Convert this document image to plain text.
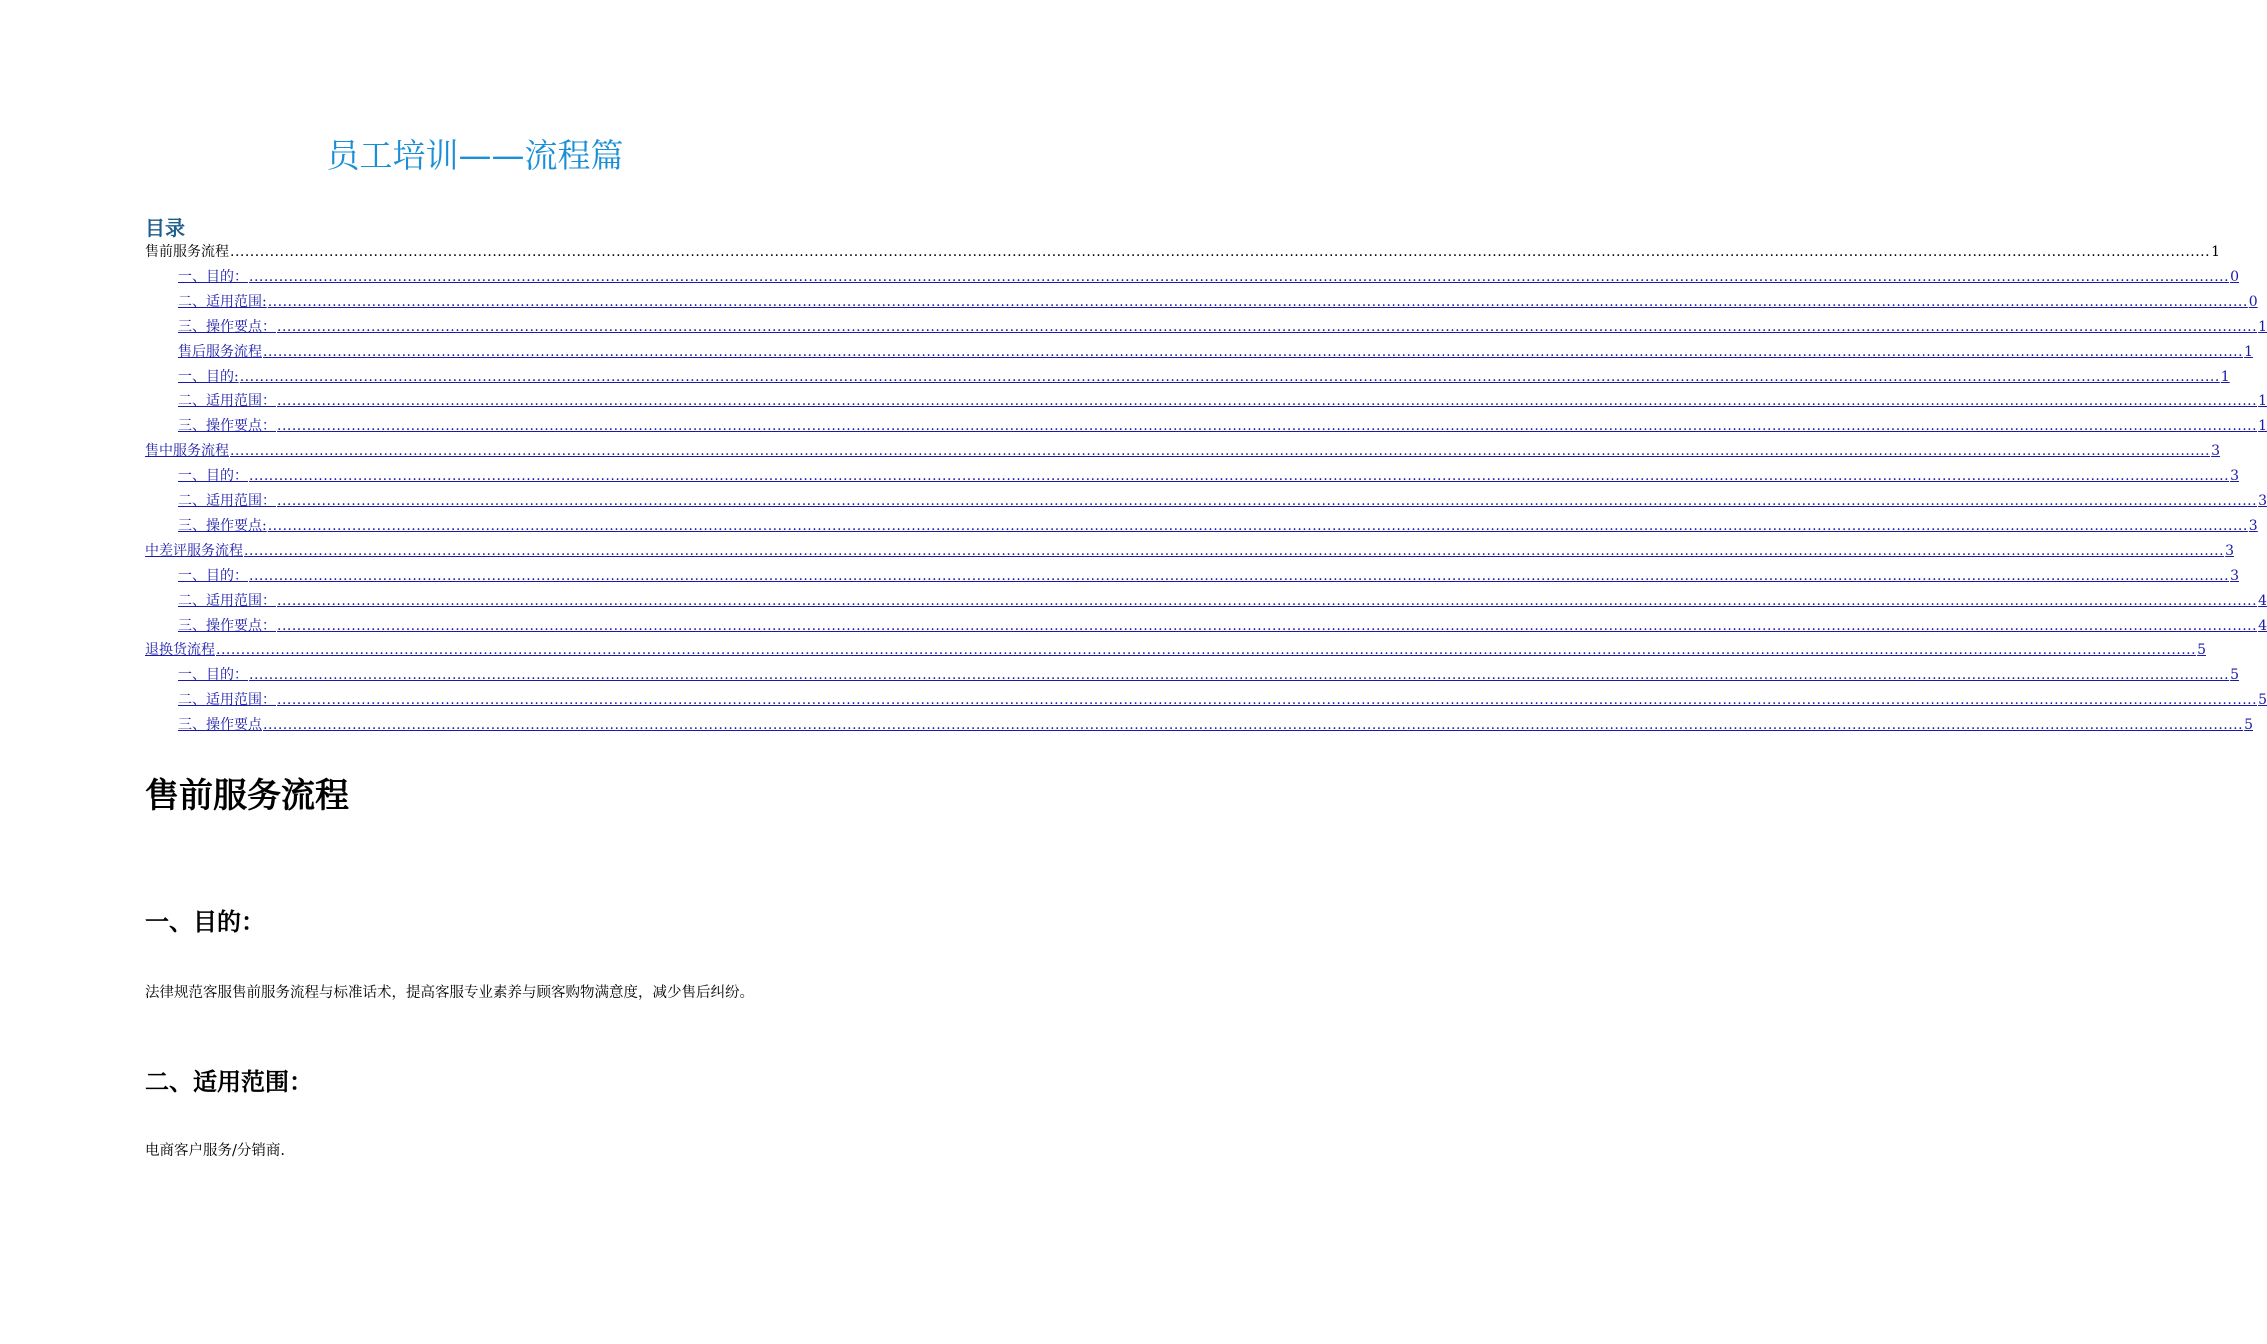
员工培训——流程篇
目录
售前服务流程 ................................................................................................................................................................................................................................................................................................................................................................................................................ 1
一、目的： ................................................................................................................................................................................................................................................................................................................................................................................................................ 0
二、适用范围: ................................................................................................................................................................................................................................................................................................................................................................................................................ 0
三、操作要点： ................................................................................................................................................................................................................................................................................................................................................................................................................ 1
售后服务流程 ................................................................................................................................................................................................................................................................................................................................................................................................................ 1
一、目的: ................................................................................................................................................................................................................................................................................................................................................................................................................ 1
二、适用范围： ................................................................................................................................................................................................................................................................................................................................................................................................................ 1
三、操作要点： ................................................................................................................................................................................................................................................................................................................................................................................................................ 1
售中服务流程 ................................................................................................................................................................................................................................................................................................................................................................................................................ 3
一、目的： ................................................................................................................................................................................................................................................................................................................................................................................................................ 3
二、适用范围： ................................................................................................................................................................................................................................................................................................................................................................................................................ 3
三、操作要点: ................................................................................................................................................................................................................................................................................................................................................................................................................ 3
中差评服务流程 ................................................................................................................................................................................................................................................................................................................................................................................................................ 3
一、目的： ................................................................................................................................................................................................................................................................................................................................................................................................................ 3
二、适用范围： ................................................................................................................................................................................................................................................................................................................................................................................................................ 4
三、操作要点： ................................................................................................................................................................................................................................................................................................................................................................................................................ 4
退换货流程 ................................................................................................................................................................................................................................................................................................................................................................................................................ 5
一、目的： ................................................................................................................................................................................................................................................................................................................................................................................................................ 5
二、适用范围： ................................................................................................................................................................................................................................................................................................................................................................................................................ 5
三、操作要点 ................................................................................................................................................................................................................................................................................................................................................................................................................ 5
售前服务流程
一、目的：
法律规范客服售前服务流程与标准话术，提高客服专业素养与顾客购物满意度，减少售后纠纷。
二、适用范围：
电商客户服务/分销商.
